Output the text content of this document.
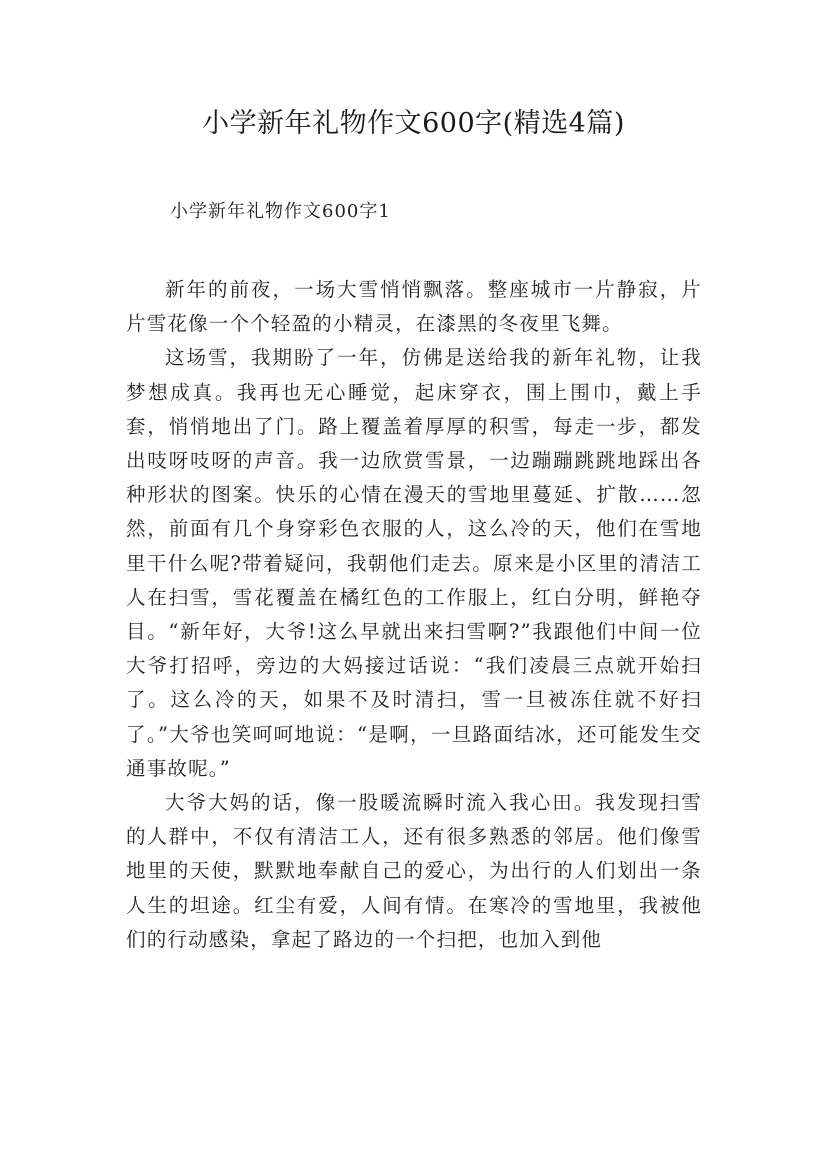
小学新年礼物作文600字(精选4篇)
小学新年礼物作文600字1

新年的前夜，一场大雪悄悄飘落。整座城市一片静寂，片片雪花像一个个轻盈的小精灵，在漆黑的冬夜里飞舞。

这场雪，我期盼了一年，仿佛是送给我的新年礼物，让我梦想成真。我再也无心睡觉，起床穿衣，围上围巾，戴上手套，悄悄地出了门。路上覆盖着厚厚的积雪，每走一步，都发出吱呀吱呀的声音。我一边欣赏雪景，一边蹦蹦跳跳地踩出各种形状的图案。快乐的心情在漫天的雪地里蔓延、扩散……忽然，前面有几个身穿彩色衣服的人，这么冷的天，他们在雪地里干什么呢?带着疑问，我朝他们走去。原来是小区里的清洁工人在扫雪，雪花覆盖在橘红色的工作服上，红白分明，鲜艳夺目。“新年好，大爷!这么早就出来扫雪啊?”我跟他们中间一位大爷打招呼，旁边的大妈接过话说：“我们凌晨三点就开始扫了。这么冷的天，如果不及时清扫，雪一旦被冻住就不好扫了。”大爷也笑呵呵地说：“是啊，一旦路面结冰，还可能发生交通事故呢。”

大爷大妈的话，像一股暖流瞬时流入我心田。我发现扫雪的人群中，不仅有清洁工人，还有很多熟悉的邻居。他们像雪地里的天使，默默地奉献自己的爱心，为出行的人们划出一条人生的坦途。红尘有爱，人间有情。在寒冷的雪地里，我被他们的行动感染，拿起了路边的一个扫把，也加入到他
